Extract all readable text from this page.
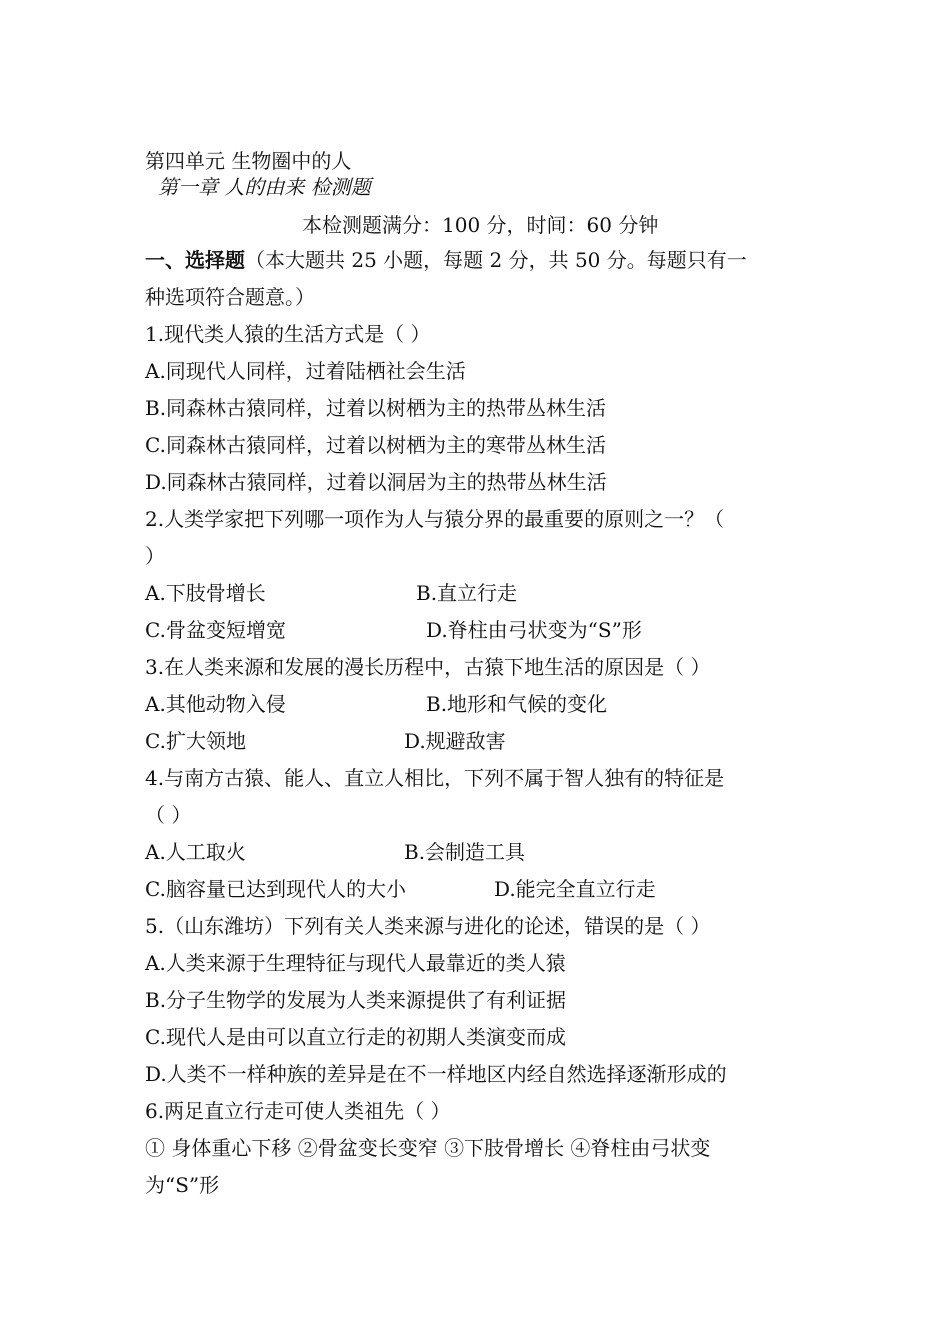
第四单元 生物圈中的人
第一章 人的由来 检测题
本检测题满分：100 分，时间：60 分钟
一、选择题（本大题共 25 小题，每题 2 分，共 50 分。每题只有一
种选项符合题意。）
1.现代类人猿的生活方式是（ ）
A.同现代人同样，过着陆栖社会生活
B.同森林古猿同样，过着以树栖为主的热带丛林生活
C.同森林古猿同样，过着以树栖为主的寒带丛林生活
D.同森林古猿同样，过着以洞居为主的热带丛林生活
2.人类学家把下列哪一项作为人与猿分界的最重要的原则之一？（
）
A.下肢骨增长	B.直立行走
C.骨盆变短增宽	D.脊柱由弓状变为“S”形
3.在人类来源和发展的漫长历程中，古猿下地生活的原因是（ ）
A.其他动物入侵	B.地形和气候的变化
C.扩大领地	D.规避敌害
4.与南方古猿、能人、直立人相比，下列不属于智人独有的特征是
（ ）
A.人工取火	B.会制造工具
C.脑容量已达到现代人的大小	D.能完全直立行走
5.（山东潍坊）下列有关人类来源与进化的论述，错误的是（ ）
A.人类来源于生理特征与现代人最靠近的类人猿
B.分子生物学的发展为人类来源提供了有利证据
C.现代人是由可以直立行走的初期人类演变而成
D.人类不一样种族的差异是在不一样地区内经自然选择逐渐形成的
6.两足直立行走可使人类祖先（ ）
① 身体重心下移 ②骨盆变长变窄 ③下肢骨增长 ④脊柱由弓状变
为“S”形
